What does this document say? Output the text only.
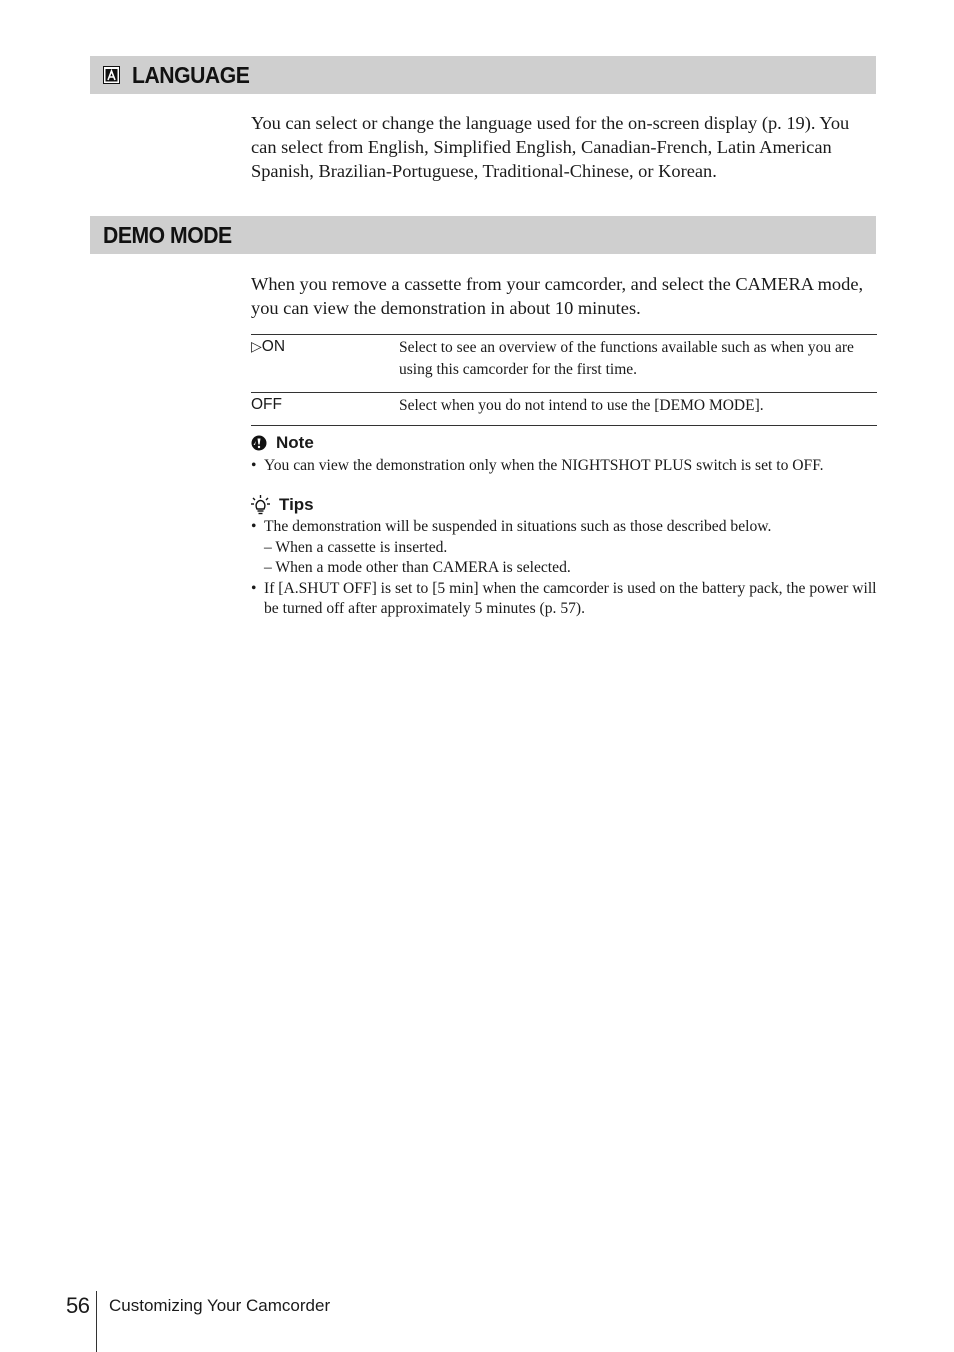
LANGUAGE

You can select or change the language used for the on-screen display (p. 19). You can select from English, Simplified English, Canadian-French, Latin American Spanish, Brazilian-Portuguese, Traditional-Chinese, or Korean.

DEMO MODE

When you remove a cassette from your camcorder, and select the CAMERA mode, you can view the demonstration in about 10 minutes.

▷ON	Select to see an overview of the functions available such as when you are using this camcorder for the first time.
OFF	Select when you do not intend to use the [DEMO MODE].
Note
• You can view the demonstration only when the NIGHTSHOT PLUS switch is set to OFF.
Tips
• The demonstration will be suspended in situations such as those described below.
– When a cassette is inserted.
– When a mode other than CAMERA is selected.
• If [A.SHUT OFF] is set to [5 min] when the camcorder is used on the battery pack, the power will be turned off after approximately 5 minutes (p. 57).
56 Customizing Your Camcorder
